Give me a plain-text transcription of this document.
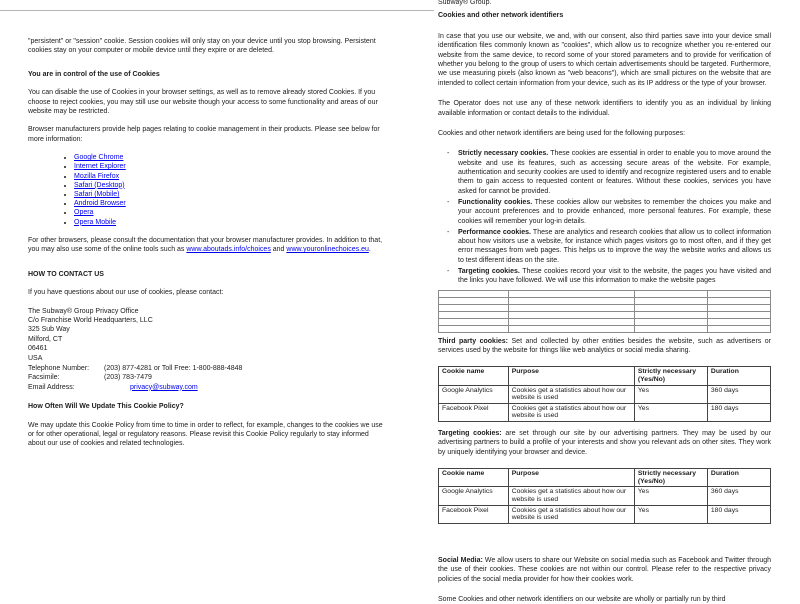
"persistent" or "session" cookie. Session cookies will only stay on your device until you stop browsing. Persistent cookies stay on your computer or mobile device until they expire or are deleted.

You are in control of the use of Cookies

You can disable the use of Cookies in your browser settings, as well as to remove already stored Cookies. If you choose to reject cookies, you may still use our website though your access to some functionality and areas of our website may be restricted.

Browser manufacturers provide help pages relating to cookie management in their products. Please see below for more information:

• Google Chrome
• Internet Explorer
• Mozilla Firefox
• Safari (Desktop)
• Safari (Mobile)
• Android Browser
• Opera
• Opera Mobile

For other browsers, please consult the documentation that your browser manufacturer provides. In addition to that, you may also use some of the online tools such as www.aboutads.info/choices and www.youronlinechoices.eu.

HOW TO CONTACT US

If you have questions about our use of cookies, please contact:

The Subway® Group Privacy Office
C/o Franchise World Headquarters, LLC
325 Sub Way
Milford, CT
06461
USA
Telephone Number:	(203) 877-4281 or Toll Free: 1-800-888-4848
Facsimile:	(203) 783-7479
Email Address:	privacy@subway.com

How Often Will We Update This Cookie Policy?

We may update this Cookie Policy from time to time in order to reflect, for example, changes to the cookies we use or for other operational, legal or regulatory reasons. Please revisit this Cookie Policy regularly to stay informed about our use of cookies and related technologies.

Subway® Group.

Cookies and other network identifiers

In case that you use our website, we and, with our consent, also third parties save into your device small identification files commonly known as "cookies", which allow us to recognize whether you re-entered our website from the same device, to record some of your stored parameters and to provide for verification of whether you belong to the group of users to which certain advertisements should be targeted. Furthermore, we use measuring pixels (also known as "web beacons"), which are small pictures on the website that are intended to collect certain information from your device, such as its IP address or the type of your browser.

The Operator does not use any of these network identifiers to identify you as an individual by linking available information or contact details to the individual.

Cookies and other network identifiers are being used for the following purposes:

- Strictly necessary cookies. These cookies are essential in order to enable you to move around the website and use its features, such as accessing secure areas of the website. For example, authentication and security cookies are used to identify and recognize registered users and to enable them to gain access to requested content or features. Without these cookies, services you have asked for cannot be provided.
- Functionality cookies. These cookies allow our websites to remember the choices you make and your account preferences and to provide enhanced, more personal features. For example, these cookies will remember your log-in details.
- Performance cookies. These are analytics and research cookies that allow us to collect information about how visitors use a website, for instance which pages visitors go to most often, and if they get error messages from web pages. This helps us to improve the way the website works and allows us to test different ideas on the site.
- Targeting cookies. These cookies record your visit to the website, the pages you have visited and the links you have followed. We will use this information to make the website pages

Third party cookies: Set and collected by other entities besides the website, such as advertisers or services used by the website for things like web analytics or social media sharing.

Cookie name	Purpose	Strictly necessary (Yes/No)	Duration
Google Analytics	Cookies get a statistics about how our website is used	Yes	360 days
Facebook Pixel	Cookies get a statistics about how our website is used	Yes	180 days

Targeting cookies: are set through our site by our advertising partners. They may be used by our advertising partners to build a profile of your interests and show you relevant ads on other sites. They work by uniquely identifying your browser and device.

Cookie name	Purpose	Strictly necessary (Yes/No)	Duration
Google Analytics	Cookies get a statistics about how our website is used	Yes	360 days
Facebook Pixel	Cookies get a statistics about how our website is used	Yes	180 days

Social Media: We allow users to share our Website on social media such as Facebook and Twitter through the use of their cookies. These cookies are not within our control. Please refer to the respective privacy policies of the social media provider for how their cookies work.

Some Cookies and other network identifiers on our website are wholly or partially run by third
